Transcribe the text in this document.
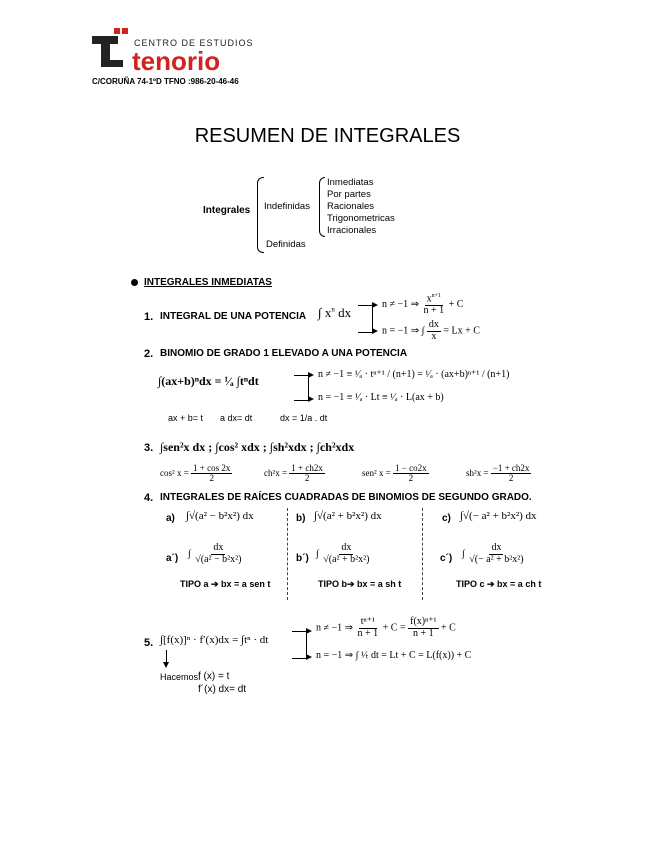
CENTRO DE ESTUDIOS
tenorio
C/CORUÑA 74-1ºD TFNO :986-20-46-46
RESUMEN DE INTEGRALES
Integrales Indefinidas
Definidas
Inmediatas
Por partes
Racionales
Trigonometricas
Irracionales
INTEGRALES INMEDIATAS
1. INTEGRAL DE UNA POTENCIA ∫ $x^n$ dx
n ≠ −1 ⇒ $\frac{x^{n+1}}{n + 1} + C$
n = −1 ⇒ ∫ $\frac{dx}{x} = Lx + C$
2. BINOMIO DE GRADO 1 ELEVADO A UNA POTENCIA
∫(ax+b)ⁿdx = ¹⁄ₐ ∫tⁿdt	n ≠ −1 ≡ ¹⁄ₐ · tⁿ⁺¹ / (n+1) = ¹⁄ₐ · (ax+b)ⁿ⁺¹ / (n+1)
n = −1 ≡ ¹⁄ₐ · Lt ≡ ¹⁄ₐ · L(ax + b)
ax + b= t a dx= dt	dx = 1/a . dt
3. ∫sen²x dx ; ∫cos² xdx ; ∫sh²xdx ; ∫ch²xdx
cos² $x = \frac{1 + \cos 2x}{2}$	$ch^2x = \frac{1 + ch2x}{2}$	sen² $x = \frac{1 - co2x}{2}$	$sh^2x = \frac{-1 + ch2x}{2}$
4. INTEGRALES DE RAÍCES CUADRADAS DE BINOMIOS DE SEGUNDO GRADO.
a) ∫√(a² − b²x²) dx	b) ∫√(a² + b²x²) dx	c) ∫√(− a² + b²x²) dx
a´) ∫ $\frac{dx}{\text{√(a² − b²x²)}}$	b´) ∫ $\frac{dx}{\text{√(a² + b²x²)}}$	c´) ∫ $\frac{dx}{\text{√(− a² + b²x²)}}$
TIPO a ➔ bx = a sen t	TIPO b➔ bx = a sh t	TIPO c ➔ bx = a ch t
5. ∫[f(x)]ⁿ · f′(x)dx = ∫tⁿ · dt
n ≠ −1 ⇒ $\frac{\text{tⁿ⁺¹}}{n + 1} + C = \frac{\text{f(x)ⁿ⁺¹}}{n + 1} + C$
n = −1 ⇒ ∫ ¹⁄ₜ dt = Lt + C = L(f(x)) + C
Hacemos:
f (x) = t
f´(x) dx= dt
